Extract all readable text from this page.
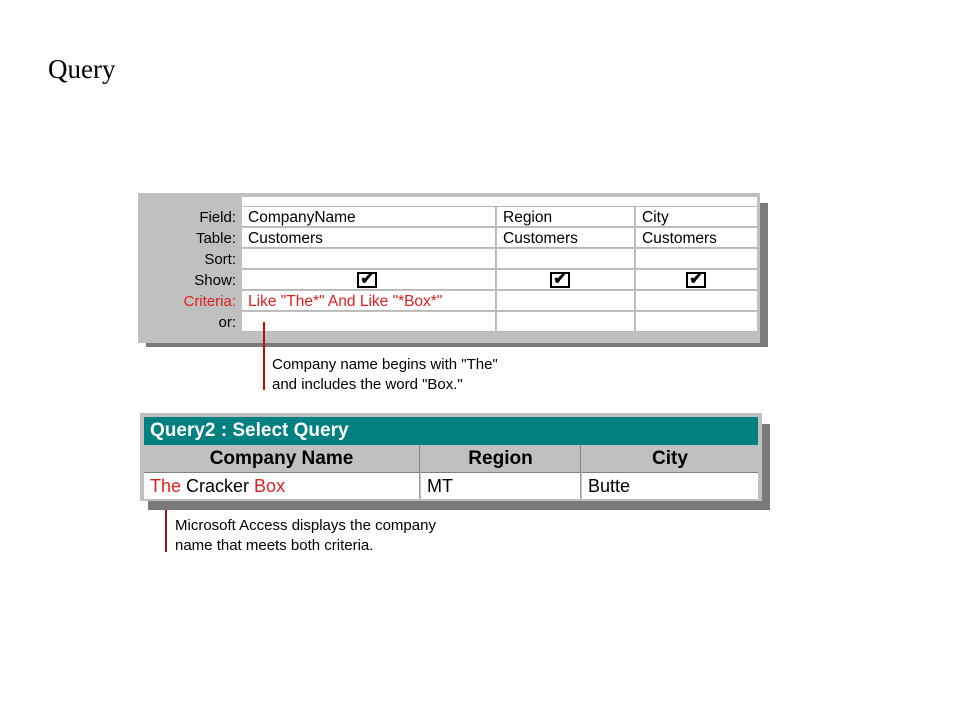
Query
Field: CompanyName	Region	City
Table: Customers	Customers	Customers
Sort:
Show:	✔	✔	✔
Criteria: Like "The*" And Like "*Box*"
or:
Company name begins with "The"
and includes the word "Box."
Query2 : Select Query
Company Name	Region	City
The Cracker Box	MT	Butte
Microsoft Access displays the company
name that meets both criteria.
